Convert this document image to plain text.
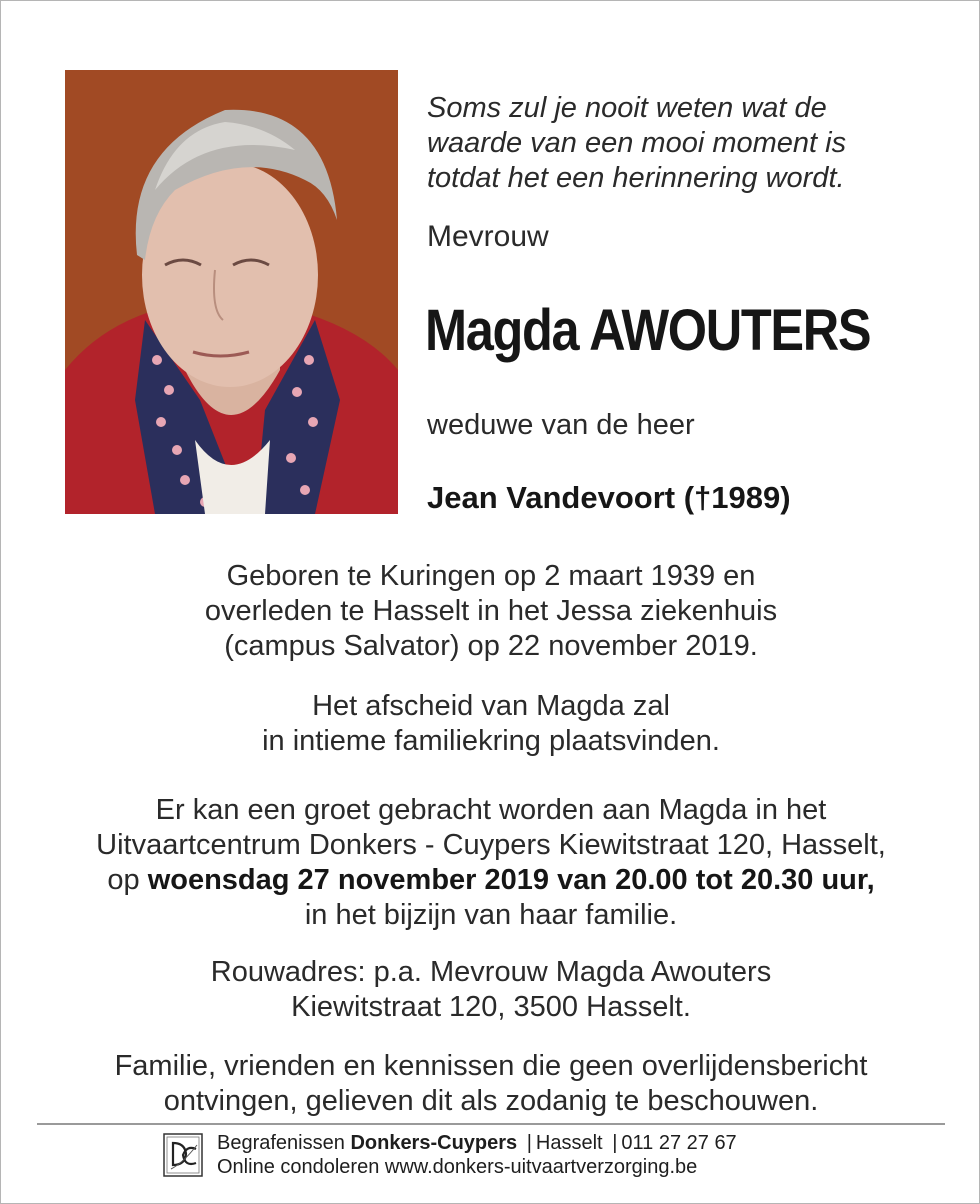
Soms zul je nooit weten wat de
waarde van een mooi moment is
totdat het een herinnering wordt.
Mevrouw
Magda AWOUTERS
weduwe van de heer
Jean Vandevoort (†1989)
Geboren te Kuringen op 2 maart 1939 en
overleden te Hasselt in het Jessa ziekenhuis
(campus Salvator) op 22 november 2019.
Het afscheid van Magda zal
in intieme familiekring plaatsvinden.
Er kan een groet gebracht worden aan Magda in het
Uitvaartcentrum Donkers - Cuypers Kiewitstraat 120, Hasselt,
op woensdag 27 november 2019 van 20.00 tot 20.30 uur,
in het bijzijn van haar familie.
Rouwadres: p.a. Mevrouw Magda Awouters
Kiewitstraat 120, 3500 Hasselt.
Familie, vrienden en kennissen die geen overlijdensbericht
ontvingen, gelieven dit als zodanig te beschouwen.
Begrafenissen Donkers-Cuypers | Hasselt | 011 27 27 67
Online condoleren www.donkers-uitvaartverzorging.be
